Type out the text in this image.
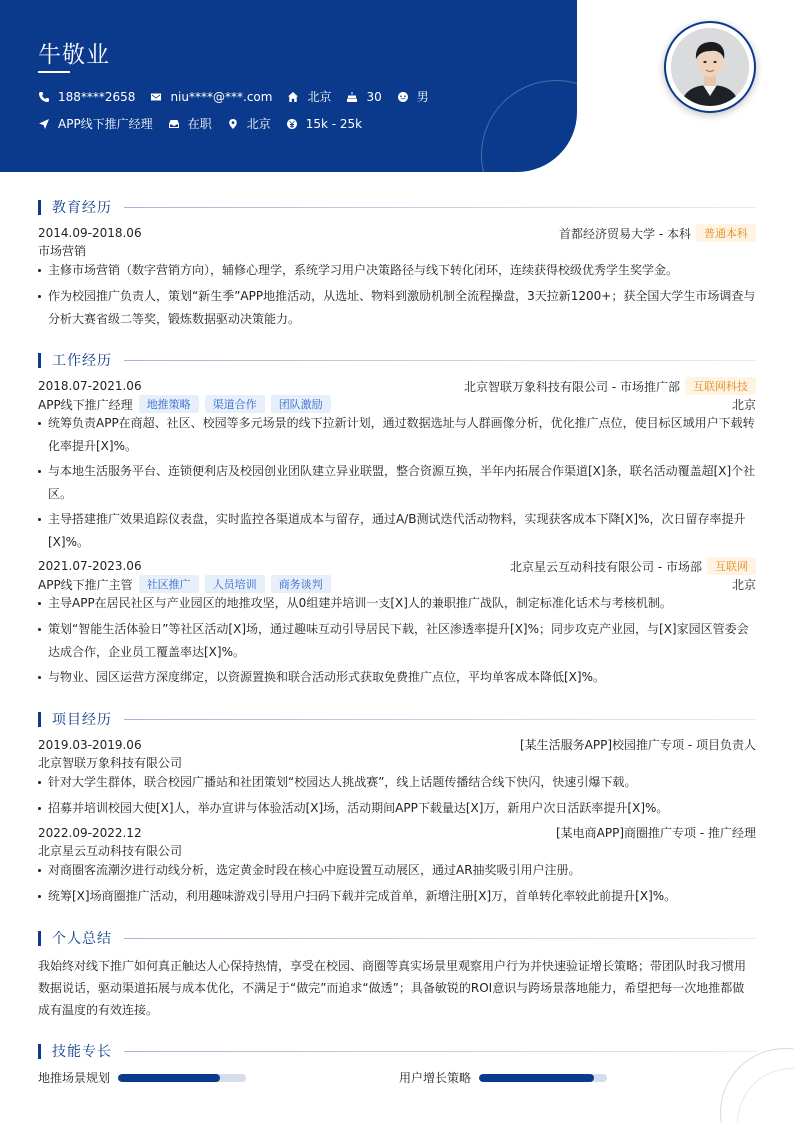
牛敬业
188****2658	niu****@***.com	北京	30	男
APP线下推广经理	在职	北京	15k - 25k
教育经历
2014.09-2018.06	首都经济贸易大学 - 本科	普通本科
市场营销
主修市场营销（数字营销方向），辅修心理学，系统学习用户决策路径与线下转化闭环，连续获得校级优秀学生奖学金。
作为校园推广负责人，策划“新生季”APP地推活动，从选址、物料到激励机制全流程操盘，3天拉新1200+；获全国大学生市场调查与分析大赛省级二等奖，锻炼数据驱动决策能力。
工作经历
2018.07-2021.06	北京智联万象科技有限公司 - 市场推广部	互联网科技
APP线下推广经理	地推策略	渠道合作	团队激励	北京
统筹负责APP在商超、社区、校园等多元场景的线下拉新计划，通过数据选址与人群画像分析，优化推广点位，使目标区域用户下载转化率提升[X]%。
与本地生活服务平台、连锁便利店及校园创业团队建立异业联盟，整合资源互换，半年内拓展合作渠道[X]条，联名活动覆盖超[X]个社区。
主导搭建推广效果追踪仪表盘，实时监控各渠道成本与留存，通过A/B测试迭代活动物料，实现获客成本下降[X]%，次日留存率提升[X]%。
2021.07-2023.06	北京星云互动科技有限公司 - 市场部	互联网
APP线下推广主管	社区推广	人员培训	商务谈判	北京
主导APP在居民社区与产业园区的地推攻坚，从0组建并培训一支[X]人的兼职推广战队，制定标准化话术与考核机制。
策划“智能生活体验日”等社区活动[X]场，通过趣味互动引导居民下载，社区渗透率提升[X]%；同步攻克产业园，与[X]家园区管委会达成合作，企业员工覆盖率达[X]%。
与物业、园区运营方深度绑定，以资源置换和联合活动形式获取免费推广点位，平均单客成本降低[X]%。
项目经历
2019.03-2019.06	[某生活服务APP]校园推广专项 - 项目负责人
北京智联万象科技有限公司
针对大学生群体，联合校园广播站和社团策划“校园达人挑战赛”，线上话题传播结合线下快闪，快速引爆下载。
招募并培训校园大使[X]人，举办宣讲与体验活动[X]场，活动期间APP下载量达[X]万，新用户次日活跃率提升[X]%。
2022.09-2022.12	[某电商APP]商圈推广专项 - 推广经理
北京星云互动科技有限公司
对商圈客流潮汐进行动线分析，选定黄金时段在核心中庭设置互动展区，通过AR抽奖吸引用户注册。
统筹[X]场商圈推广活动，利用趣味游戏引导用户扫码下载并完成首单，新增注册[X]万，首单转化率较此前提升[X]%。
个人总结
我始终对线下推广如何真正触达人心保持热情，享受在校园、商圈等真实场景里观察用户行为并快速验证增长策略；带团队时我习惯用数据说话，驱动渠道拓展与成本优化，不满足于“做完”而追求“做透”；具备敏锐的ROI意识与跨场景落地能力，希望把每一次地推都做成有温度的有效连接。
技能专长
地推场景规划	用户增长策略
